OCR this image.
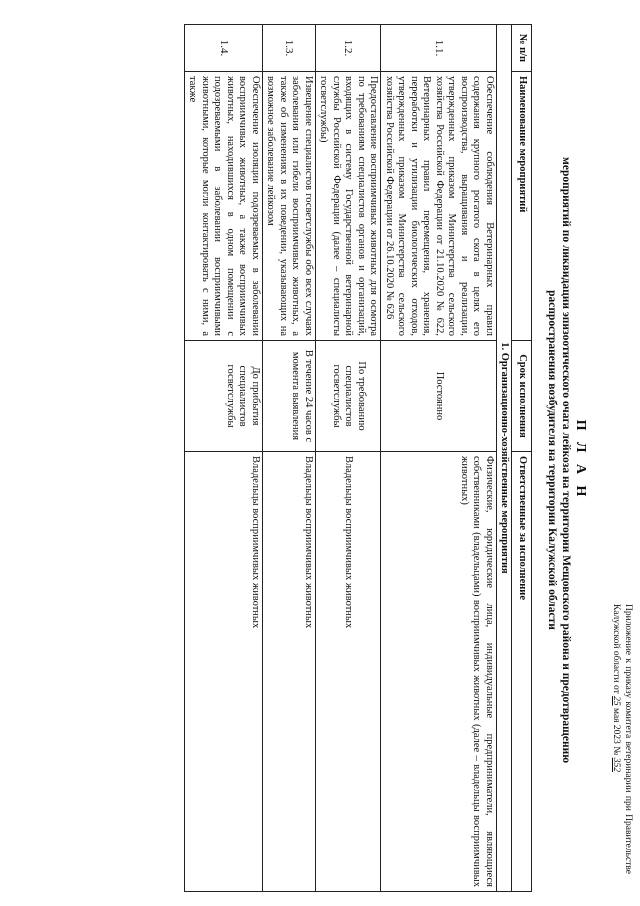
Приложение к приказу комитета ветеринарии при Правительстве Калужской области от 25 мая 2023 № 352
П Л А Н
мероприятий по ликвидации эпизоотического очага лейкоза на территории Мещовского района и предотвращению
распространения возбудителя на территории Калужской области
№ п/п	Наименование мероприятий	Срок исполнения	Ответственные за исполнение
1. Организационно-хозяйственные мероприятия			
1.1.	Обеспечение соблюдения Ветеринарных правил содержания крупного рогатого скота в целях его воспроизводства, выращивания и реализации, утвержденных приказом Министерства сельского хозяйства Российской Федерации от 21.10.2020 № 622, Ветеринарных правил перемещения, хранения, переработки и утилизации биологических отходов, утвержденных приказом Министерства сельского хозяйства Российской Федерации от 26.10.2020 № 626	Постоянно	Физические, юридические лица, индивидуальные предприниматели, являющиеся собственниками (владельцами) восприимчивых животных (далее – владельцы восприимчивых животных)
1.2.	Предоставление восприимчивых животных для осмотра по требованиям специалистов органов и организаций, входящих в систему Государственной ветеринарной службы Российской Федерации (далее – специалисты госветслужбы)	По требованию специалистов госветслужбы	Владельцы восприимчивых животных
1.3.	Извещение специалистов госветслужбы обо всех случаях заболевания или гибели восприимчивых животных, а также об изменениях в их поведении, указывающих на возможное заболевание лейкозом	В течение 24 часов с момента выявления	Владельцы восприимчивых животных
1.4.	Обеспечение изоляции подозреваемых в заболевании восприимчивых животных, а также восприимчивых животных, находившихся в одном помещении с подозреваемыми в заболевании восприимчивыми животными, которые могли контактировать с ними, а также	До прибытия специалистов госветслужбы	Владельцы восприимчивых животных
